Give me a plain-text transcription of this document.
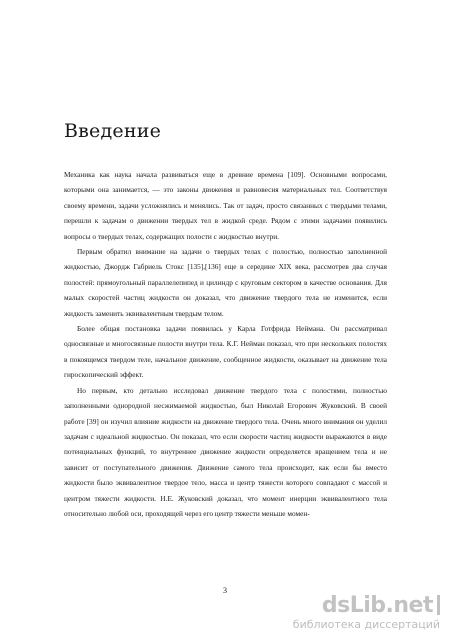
Введение

Механика как наука начала развиваться еще в древние времена [109]. Основными вопросами, которыми она занимается, — это законы движения и равновесия материальных тел. Соответствуя своему времени, задачи усложнялись и менялись. Так от задач, просто связанных с твердыми телами, перешли к задачам о движении твердых тел в жидкой среде. Рядом с этими задачами появились вопросы о твердых телах, содержащих полости с жидкостью внутри.

Первым обратил внимание на задачи о твердых телах с полостью, полностью заполненной жидкостью, Джордж Габриель Стокс [135],[136] еще в середине XIX века, рассмотрев два случая полостей: прямоугольный параллелепипед и цилиндр с круговым сектором в качестве основания. Для малых скоростей частиц жидкости он доказал, что движение твердого тела не изменится, если жидкость заменить эквивалентным твердым телом.

Более общая постановка задачи появилась у Карла Готфрида Неймана. Он рассматривал односвязные и многосвязные полости внутри тела. К.Г. Нейман показал, что при нескольких полостях в покоящемся твердом теле, начальное движение, сообщенное жидкости, оказывает на движение тела гироскопический эффект.

Но первым, кто детально исследовал движение твердого тела с полостями, полностью заполненными однородной несжимаемой жидкостью, был Николай Егорович Жуковский. В своей работе [39] он изучил влияние жидкости на движение твердого тела. Очень много внимания он уделил задачам с идеальной жидкостью. Он показал, что если скорости частиц жидкости выражаются в виде потенциальных функций, то внутреннее движение жидкости определяется вращением тела и не зависит от поступательного движения. Движение самого тела происходит, как если бы вместо жидкости было эквивалентное твердое тело, масса и центр тяжести которого совпадают с массой и центром тяжести жидкости. Н.Е. Жуковский доказал, что момент инерции эквивалентного тела относительно любой оси, проходящей через его центр тяжести меньше момен-

3
dsLib.net
библиотека диссертаций
